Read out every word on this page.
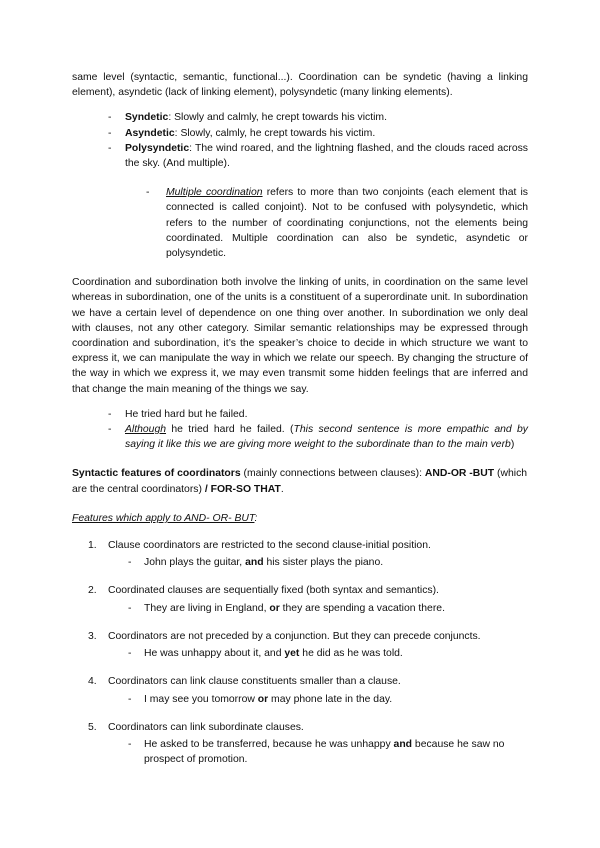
same level (syntactic, semantic, functional...). Coordination can be syndetic (having a linking element), asyndetic (lack of linking element), polysyndetic (many linking elements).

- Syndetic: Slowly and calmly, he crept towards his victim.
- Asyndetic: Slowly, calmly, he crept towards his victim.
- Polysyndetic: The wind roared, and the lightning flashed, and the clouds raced across the sky. (And multiple).
- Multiple coordination refers to more than two conjoints (each element that is connected is called conjoint). Not to be confused with polysyndetic, which refers to the number of coordinating conjunctions, not the elements being coordinated. Multiple coordination can also be syndetic, asyndetic or polysyndetic.

Coordination and subordination both involve the linking of units, in coordination on the same level whereas in subordination, one of the units is a constituent of a superordinate unit. In subordination we have a certain level of dependence on one thing over another. In subordination we only deal with clauses, not any other category. Similar semantic relationships may be expressed through coordination and subordination, it’s the speaker’s choice to decide in which structure we want to express it, we can manipulate the way in which we relate our speech. By changing the structure of the way in which we express it, we may even transmit some hidden feelings that are inferred and that change the main meaning of the things we say.

- He tried hard but he failed.
- Although he tried hard he failed. (This second sentence is more empathic and by saying it like this we are giving more weight to the subordinate than to the main verb)

Syntactic features of coordinators (mainly connections between clauses): AND-OR -BUT (which are the central coordinators) / FOR-SO THAT.

Features which apply to AND- OR- BUT:

1. Clause coordinators are restricted to the second clause-initial position.
- John plays the guitar, and his sister plays the piano.
2. Coordinated clauses are sequentially fixed (both syntax and semantics).
- They are living in England, or they are spending a vacation there.
3. Coordinators are not preceded by a conjunction. But they can precede conjuncts.
- He was unhappy about it, and yet he did as he was told.
4. Coordinators can link clause constituents smaller than a clause.
- I may see you tomorrow or may phone late in the day.
5. Coordinators can link subordinate clauses.
- He asked to be transferred, because he was unhappy and because he saw no prospect of promotion.
